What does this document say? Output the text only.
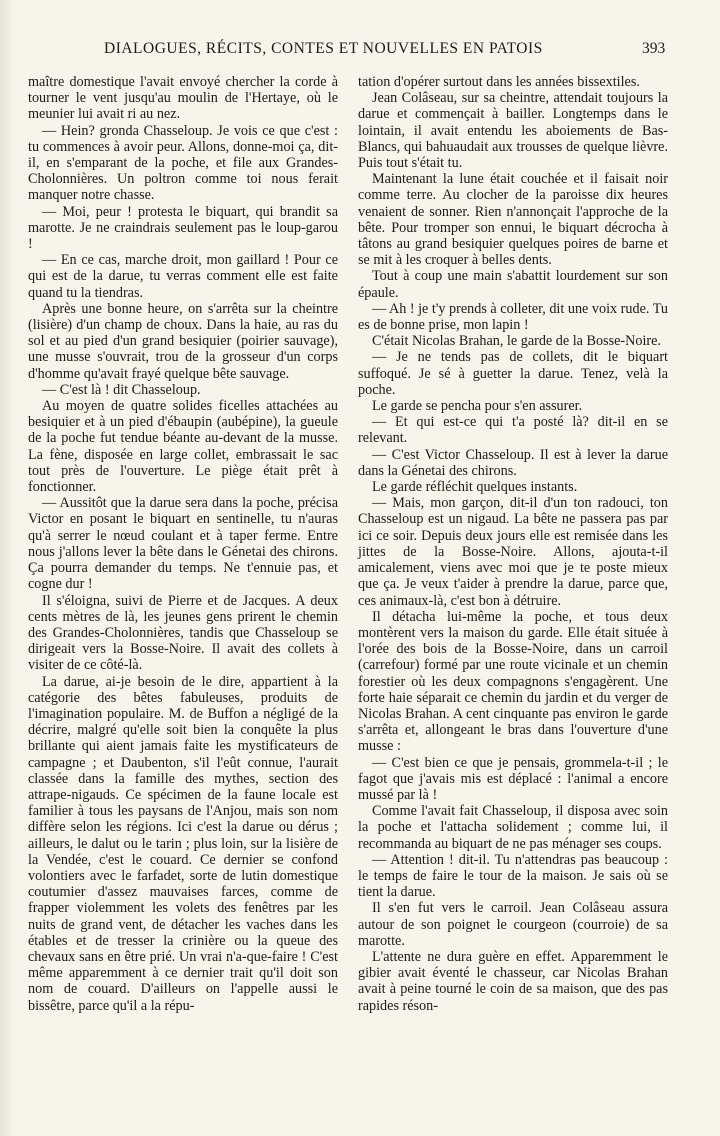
DIALOGUES, RÉCITS, CONTES ET NOUVELLES EN PATOIS	393

maître domestique l'avait envoyé chercher la corde à tourner le vent jusqu'au moulin de l'Hertaye, où le meunier lui avait ri au nez.

— Hein? gronda Chasseloup. Je vois ce que c'est : tu commences à avoir peur. Allons, donne-moi ça, dit-il, en s'emparant de la poche, et file aux Grandes-Cholonnières. Un poltron comme toi nous ferait manquer notre chasse.

— Moi, peur ! protesta le biquart, qui brandit sa marotte. Je ne craindrais seulement pas le loup-garou !

— En ce cas, marche droit, mon gaillard ! Pour ce qui est de la darue, tu verras comment elle est faite quand tu la tiendras.

Après une bonne heure, on s'arrêta sur la cheintre (lisière) d'un champ de choux. Dans la haie, au ras du sol et au pied d'un grand besiquier (poirier sauvage), une musse s'ouvrait, trou de la grosseur d'un corps d'homme qu'avait frayé quelque bête sauvage.

— C'est là ! dit Chasseloup.

Au moyen de quatre solides ficelles attachées au besiquier et à un pied d'ébaupin (aubépine), la gueule de la poche fut tendue béante au-devant de la musse. La fène, disposée en large collet, embrassait le sac tout près de l'ouverture. Le piège était prêt à fonctionner.

— Aussitôt que la darue sera dans la poche, précisa Victor en posant le biquart en sentinelle, tu n'auras qu'à serrer le nœud coulant et à taper ferme. Entre nous j'allons lever la bête dans le Génetai des chirons. Ça pourra demander du temps. Ne t'ennuie pas, et cogne dur !

Il s'éloigna, suivi de Pierre et de Jacques. A deux cents mètres de là, les jeunes gens prirent le chemin des Grandes-Cholonnières, tandis que Chasseloup se dirigeait vers la Bosse-Noire. Il avait des collets à visiter de ce côté-là.

La darue, ai-je besoin de le dire, appartient à la catégorie des bêtes fabuleuses, produits de l'imagination populaire. M. de Buffon a négligé de la décrire, malgré qu'elle soit bien la conquête la plus brillante qui aient jamais faite les mystificateurs de campagne ; et Daubenton, s'il l'eût connue, l'aurait classée dans la famille des mythes, section des attrape-nigauds. Ce spécimen de la faune locale est familier à tous les paysans de l'Anjou, mais son nom diffère selon les régions. Ici c'est la darue ou dérus ; ailleurs, le dalut ou le tarin ; plus loin, sur la lisière de la Vendée, c'est le couard. Ce dernier se confond volontiers avec le farfadet, sorte de lutin domestique coutumier d'assez mauvaises farces, comme de frapper violemment les volets des fenêtres par les nuits de grand vent, de détacher les vaches dans les étables et de tresser la crinière ou la queue des chevaux sans en être prié. Un vrai n'a-que-faire ! C'est même apparemment à ce dernier trait qu'il doit son nom de couard. D'ailleurs on l'appelle aussi le bissêtre, parce qu'il a la répu-

tation d'opérer surtout dans les années bissextiles.

Jean Colâseau, sur sa cheintre, attendait toujours la darue et commençait à bailler. Longtemps dans le lointain, il avait entendu les aboiements de Bas-Blancs, qui bahuaudait aux trousses de quelque lièvre. Puis tout s'était tu.

Maintenant la lune était couchée et il faisait noir comme terre. Au clocher de la paroisse dix heures venaient de sonner. Rien n'annonçait l'approche de la bête. Pour tromper son ennui, le biquart décrocha à tâtons au grand besiquier quelques poires de barne et se mit à les croquer à belles dents.

Tout à coup une main s'abattit lourdement sur son épaule.

— Ah ! je t'y prends à colleter, dit une voix rude. Tu es de bonne prise, mon lapin !

C'était Nicolas Brahan, le garde de la Bosse-Noire.

— Je ne tends pas de collets, dit le biquart suffoqué. Je sé à guetter la darue. Tenez, velà la poche.

Le garde se pencha pour s'en assurer.

— Et qui est-ce qui t'a posté là? dit-il en se relevant.

— C'est Victor Chasseloup. Il est à lever la darue dans la Génetai des chirons.

Le garde réfléchit quelques instants.

— Mais, mon garçon, dit-il d'un ton radouci, ton Chasseloup est un nigaud. La bête ne passera pas par ici ce soir. Depuis deux jours elle est remisée dans les jittes de la Bosse-Noire. Allons, ajouta-t-il amicalement, viens avec moi que je te poste mieux que ça. Je veux t'aider à prendre la darue, parce que, ces animaux-là, c'est bon à détruire.

Il détacha lui-même la poche, et tous deux montèrent vers la maison du garde. Elle était située à l'orée des bois de la Bosse-Noire, dans un carroil (carrefour) formé par une route vicinale et un chemin forestier où les deux compagnons s'engagèrent. Une forte haie séparait ce chemin du jardin et du verger de Nicolas Brahan. A cent cinquante pas environ le garde s'arrêta et, allongeant le bras dans l'ouverture d'une musse :

— C'est bien ce que je pensais, grommela-t-il ; le fagot que j'avais mis est déplacé : l'animal a encore mussé par là !

Comme l'avait fait Chasseloup, il disposa avec soin la poche et l'attacha solidement ; comme lui, il recommanda au biquart de ne pas ménager ses coups.

— Attention ! dit-il. Tu n'attendras pas beaucoup : le temps de faire le tour de la maison. Je sais où se tient la darue.

Il s'en fut vers le carroil. Jean Colâseau assura autour de son poignet le courgeon (courroie) de sa marotte.

L'attente ne dura guère en effet. Apparemment le gibier avait éventé le chasseur, car Nicolas Brahan avait à peine tourné le coin de sa maison, que des pas rapides réson-
